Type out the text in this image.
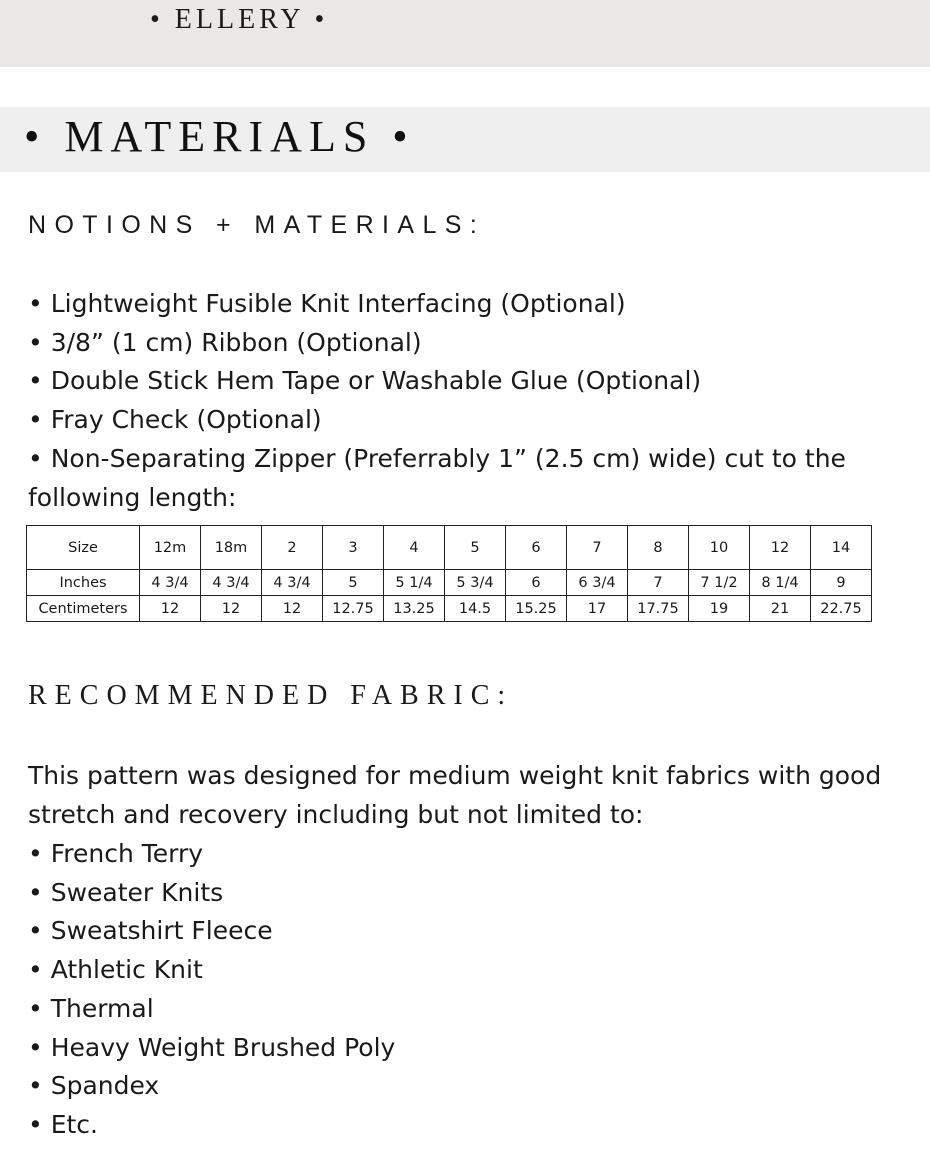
• ELLERY •
• MATERIALS •
NOTIONS + MATERIALS:
• Lightweight Fusible Knit Interfacing (Optional)
• 3/8” (1 cm) Ribbon (Optional)
• Double Stick Hem Tape or Washable Glue (Optional)
• Fray Check (Optional)
• Non-Separating Zipper (Preferrably 1” (2.5 cm) wide) cut to the following length:
Size	12m	18m	2	3	4	5	6	7	8	10	12	14
Inches	4 3/4	4 3/4	4 3/4	5	5 1/4	5 3/4	6	6 3/4	7	7 1/2	8 1/4	9
Centimeters	12	12	12	12.75	13.25	14.5	15.25	17	17.75	19	21	22.75
RECOMMENDED FABRIC:
This pattern was designed for medium weight knit fabrics with good stretch and recovery including but not limited to:
• French Terry
• Sweater Knits
• Sweatshirt Fleece
• Athletic Knit
• Thermal
• Heavy Weight Brushed Poly
• Spandex
• Etc.
